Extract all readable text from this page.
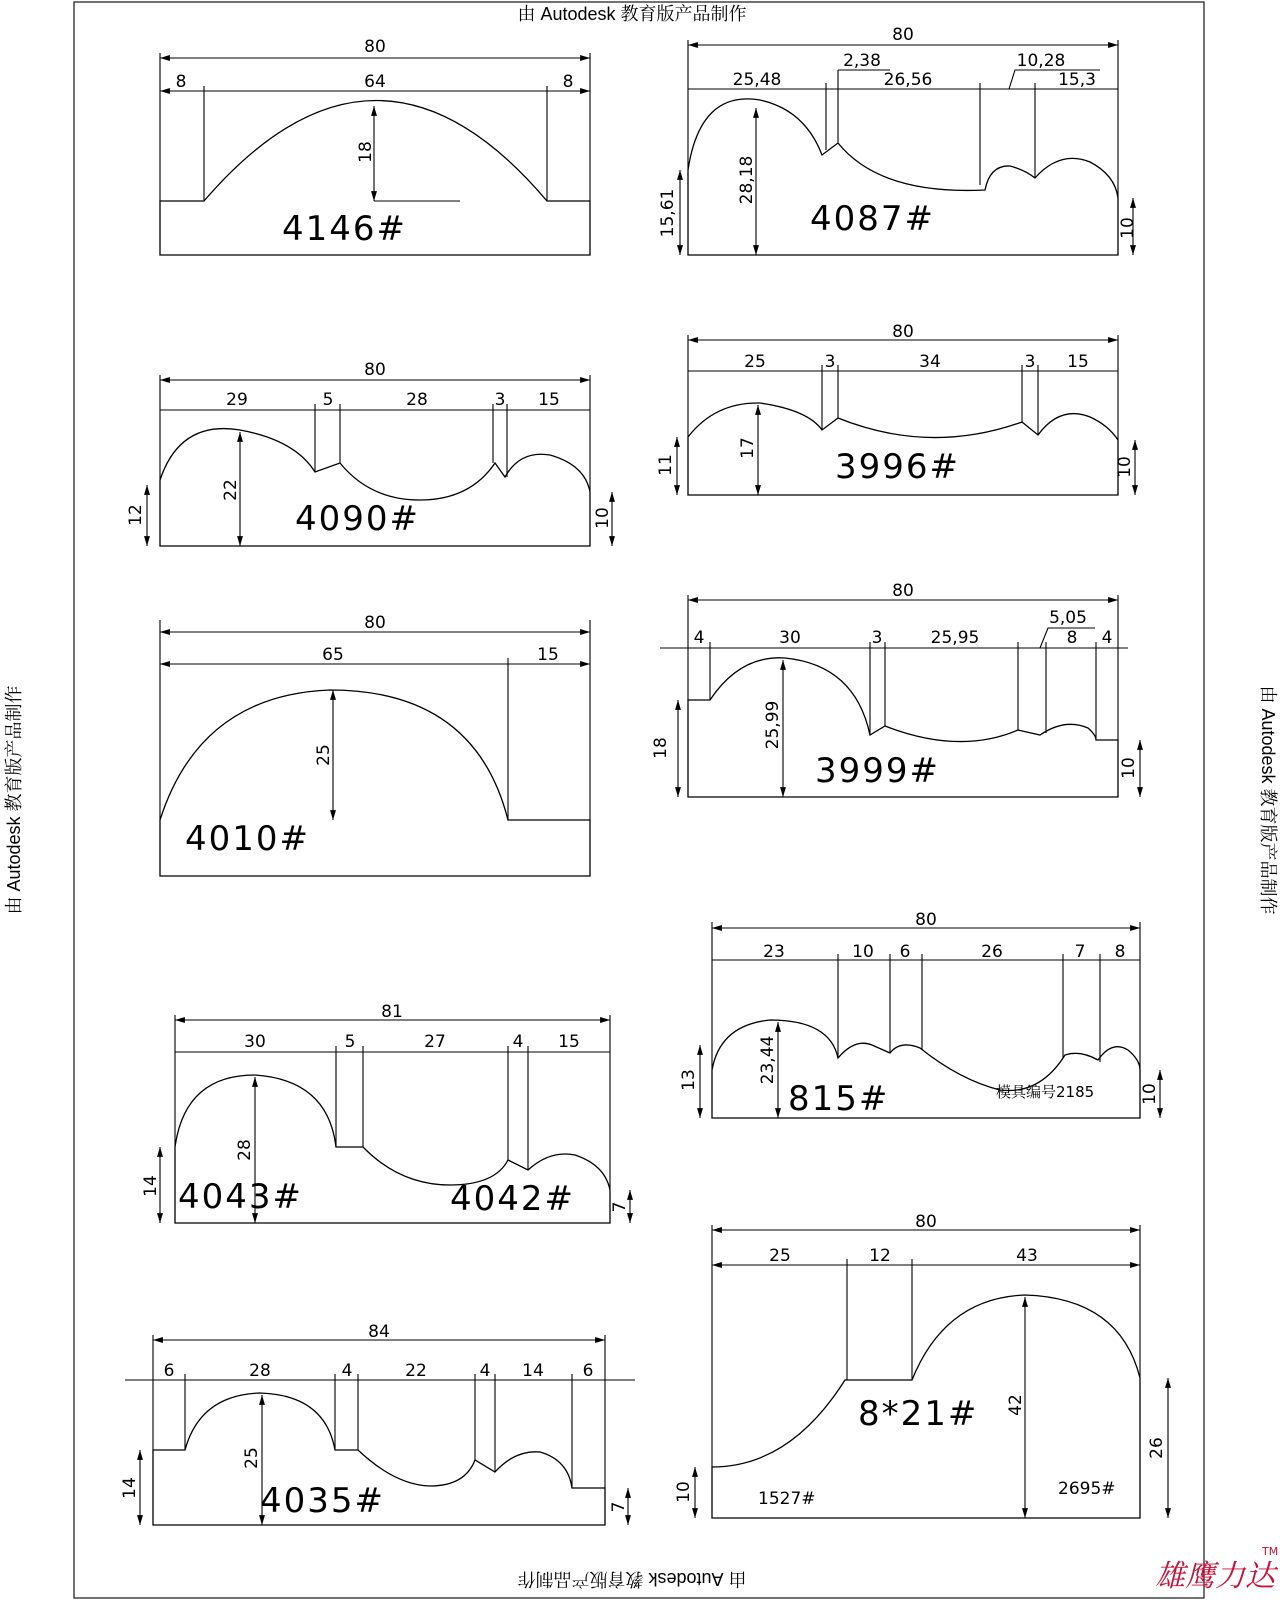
由 Autodesk 教育版产品制作
由 Autodesk 教育版产品制作
由 Autodesk 教育版产品制作	由 Autodesk 教育版产品制作
80
8	64	8
18
4146#
80
2,38	10,28
25,48	26,56	15,3
28,18
15,61	10
4087#
80
29	5	28	3 15
22
12	10
4090#
80
25	3	34	3 15
17
11	10
3996#
80
65	15
25
4010#
80
4	30	3	25,95
5,05
8 4
25,99
18
10
3999#
81
30	5	27	4 15
28
14
7
4043#	4042#
80
23	10 6	26	7 8
23,44
13
10
815#	模具编号2185
84
6	28	4	22	4 14 6
25
14
7
4035#
80
25	12	43
42
26
10
8*21#
1527#	2695#
雄鹰力达
TM
